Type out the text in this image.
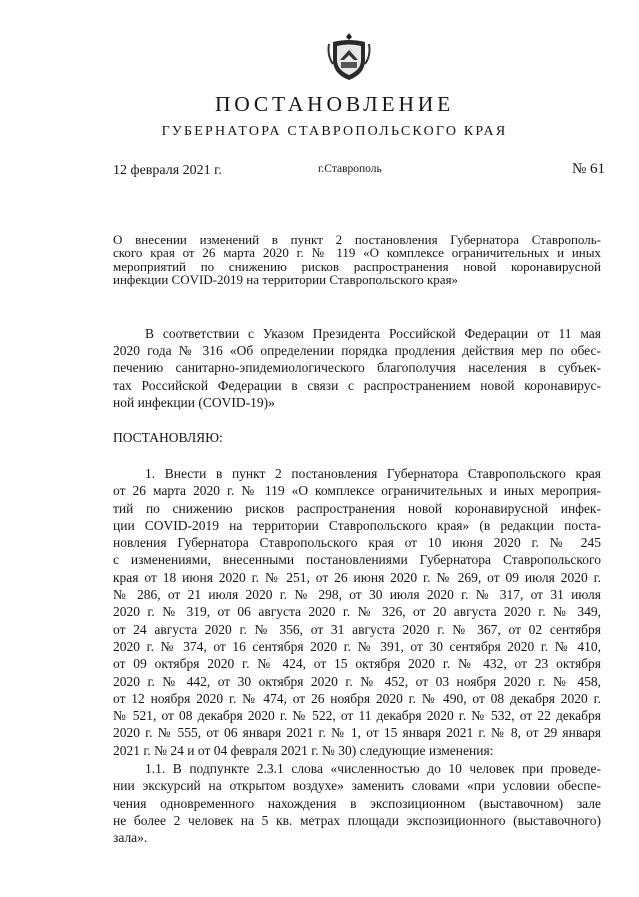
ПОСТАНОВЛЕНИЕ
ГУБЕРНАТОРА СТАВРОПОЛЬСКОГО КРАЯ
12 февраля 2021 г.	г.Ставрополь	№ 61
О внесении изменений в пункт 2 постановления Губернатора Ставрополь-
ского края от 26 марта 2020 г. № 119 «О комплексе ограничительных и иных
мероприятий по снижению рисков распространения новой коронавирусной
инфекции COVID-2019 на территории Ставропольского края»
В соответствии с Указом Президента Российской Федерации от 11 мая
2020 года № 316 «Об определении порядка продления действия мер по обес-
печению санитарно-эпидемиологического благополучия населения в субъек-
тах Российской Федерации в связи с распространением новой коронавирус-
ной инфекции (COVID-19)»
ПОСТАНОВЛЯЮ:
1. Внести в пункт 2 постановления Губернатора Ставропольского края
от 26 марта 2020 г. № 119 «О комплексе ограничительных и иных мероприя-
тий по снижению рисков распространения новой коронавирусной инфек-
ции COVID-2019 на территории Ставропольского края» (в редакции поста-
новления Губернатора Ставропольского края от 10 июня 2020 г. № 245
с изменениями, внесенными постановлениями Губернатора Ставропольского
края от 18 июня 2020 г. № 251, от 26 июня 2020 г. № 269, от 09 июля 2020 г.
№ 286, от 21 июля 2020 г. № 298, от 30 июля 2020 г. № 317, от 31 июля
2020 г. № 319, от 06 августа 2020 г. № 326, от 20 августа 2020 г. № 349,
от 24 августа 2020 г. № 356, от 31 августа 2020 г. № 367, от 02 сентября
2020 г. № 374, от 16 сентября 2020 г. № 391, от 30 сентября 2020 г. № 410,
от 09 октября 2020 г. № 424, от 15 октября 2020 г. № 432, от 23 октября
2020 г. № 442, от 30 октября 2020 г. № 452, от 03 ноября 2020 г. № 458,
от 12 ноября 2020 г. № 474, от 26 ноября 2020 г. № 490, от 08 декабря 2020 г.
№ 521, от 08 декабря 2020 г. № 522, от 11 декабря 2020 г. № 532, от 22 декабря
2020 г. № 555, от 06 января 2021 г. № 1, от 15 января 2021 г. № 8, от 29 января
2021 г. № 24 и от 04 февраля 2021 г. № 30) следующие изменения:
1.1. В подпункте 2.3.1 слова «численностью до 10 человек при проведе-
нии экскурсий на открытом воздухе» заменить словами «при условии обеспе-
чения одновременного нахождения в экспозиционном (выставочном) зале
не более 2 человек на 5 кв. метрах площади экспозиционного (выставочного)
зала».
